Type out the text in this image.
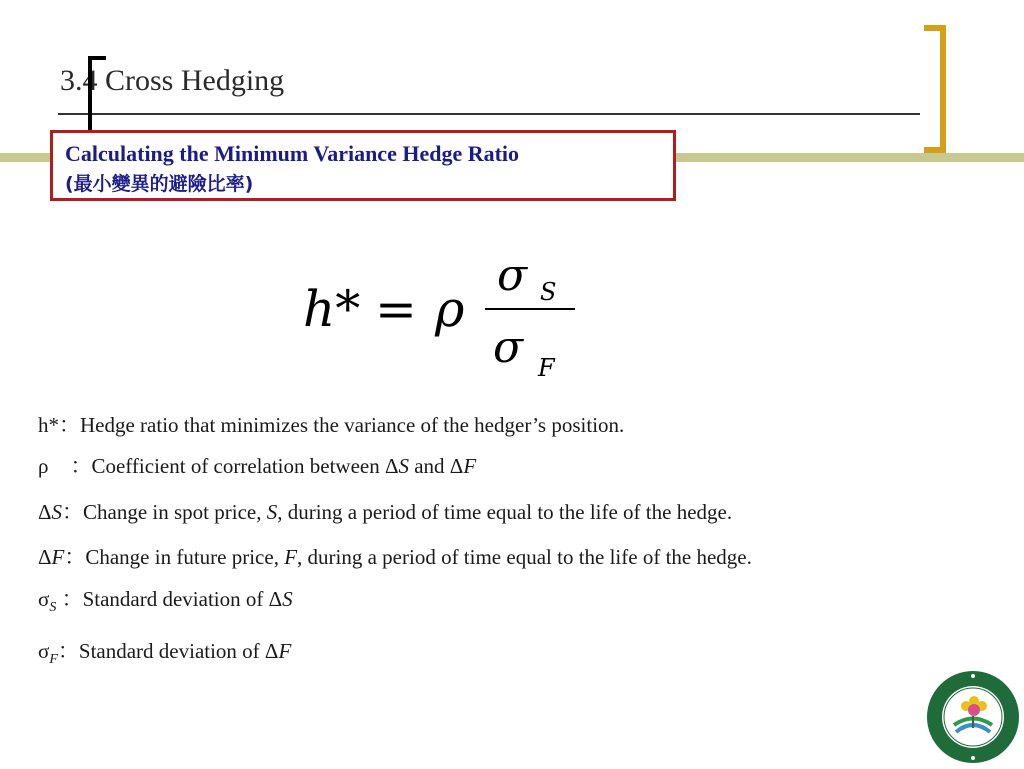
3.4 Cross Hedging
Calculating the Minimum Variance Hedge Ratio
(最小變異的避險比率)
h* = ρ
σ S
σ F
h*：Hedge ratio that minimizes the variance of the hedger’s position.
ρ ：Coefficient of correlation between ΔS and ΔF
ΔS：Change in spot price, S, during a period of time equal to the life of the hedge.
ΔF：Change in future price, F, during a period of time equal to the life of the hedge.
$\sigma_S$ ：Standard deviation of ΔS
$\sigma_F$：Standard deviation of ΔF
